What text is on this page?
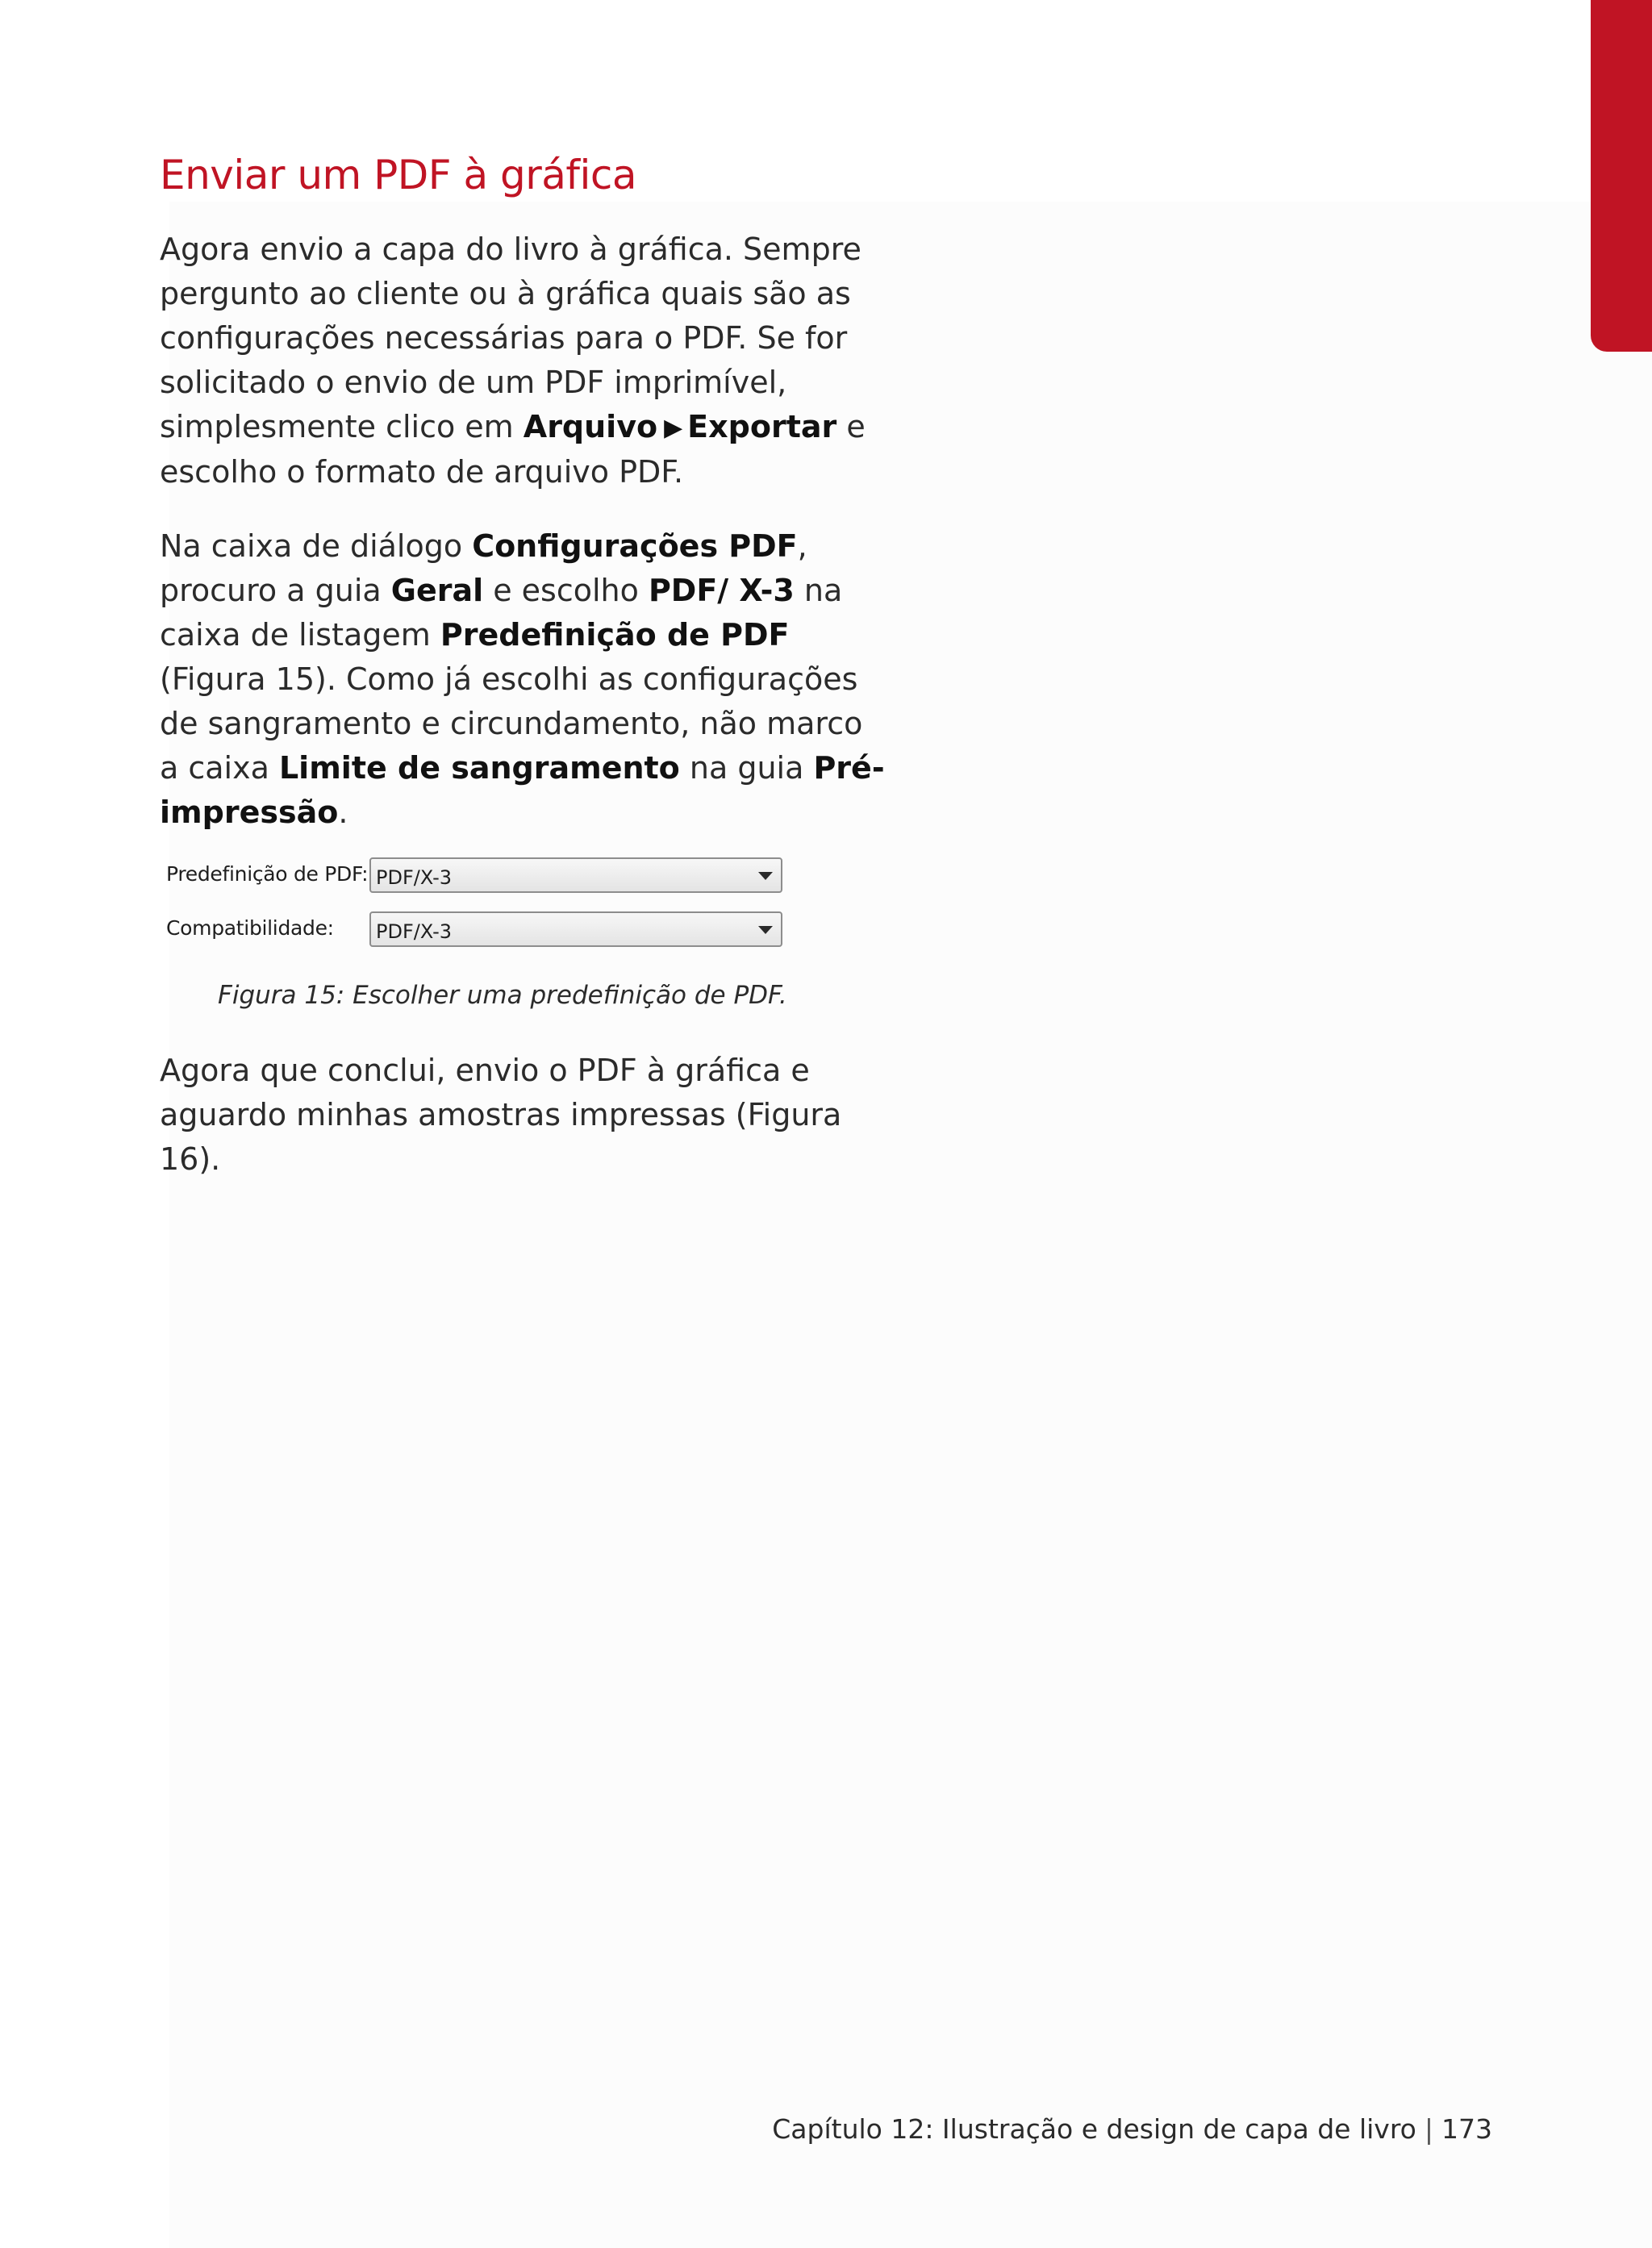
Enviar um PDF à gráfica

Agora envio a capa do livro à gráfica. Sempre
pergunto ao cliente ou à gráfica quais são as
configurações necessárias para o PDF. Se for
solicitado o envio de um PDF imprimível,
simplesmente clico em Arquivo ▶ Exportar e
escolho o formato de arquivo PDF.

Na caixa de diálogo Configurações PDF,
procuro a guia Geral e escolho PDF/ X-3 na
caixa de listagem Predefinição de PDF
(Figura 15). Como já escolhi as configurações
de sangramento e circundamento, não marco
a caixa Limite de sangramento na guia Pré-
impressão.

Predefinição de PDF: PDF/X-3
Compatibilidade: PDF/X-3

Figura 15: Escolher uma predefinição de PDF.

Agora que conclui, envio o PDF à gráfica e
aguardo minhas amostras impressas (Figura
16).

Capítulo 12: Ilustração e design de capa de livro | 173
